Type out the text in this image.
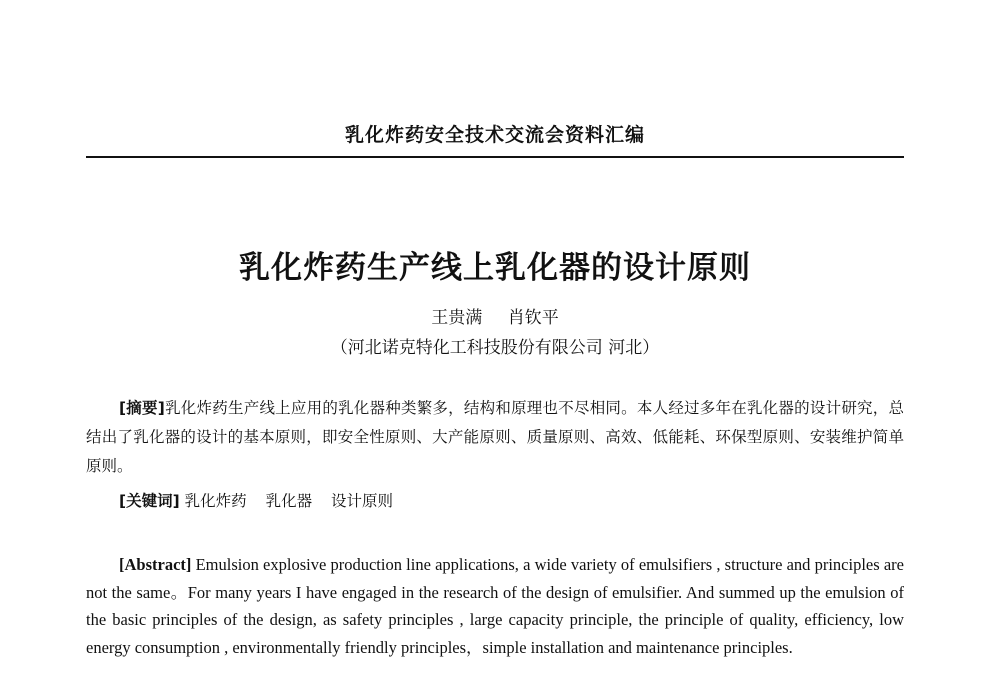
乳化炸药安全技术交流会资料汇编
乳化炸药生产线上乳化器的设计原则
王贵满 肖钦平
（河北诺克特化工科技股份有限公司 河北）
[摘要]乳化炸药生产线上应用的乳化器种类繁多，结构和原理也不尽相同。本人经过多年在乳化器的设计研究，总结出了乳化器的设计的基本原则，即安全性原则、大产能原则、质量原则、高效、低能耗、环保型原则、安装维护简单原则。
[关键词] 乳化炸药 乳化器 设计原则
[Abstract] Emulsion explosive production line applications, a wide variety of emulsifiers , structure and principles are not the same。For many years I have engaged in the research of the design of emulsifier. And summed up the emulsion of the basic principles of the design, as safety principles , large capacity principle, the principle of quality, efficiency, low energy consumption , environmentally friendly principles，simple installation and maintenance principles.
